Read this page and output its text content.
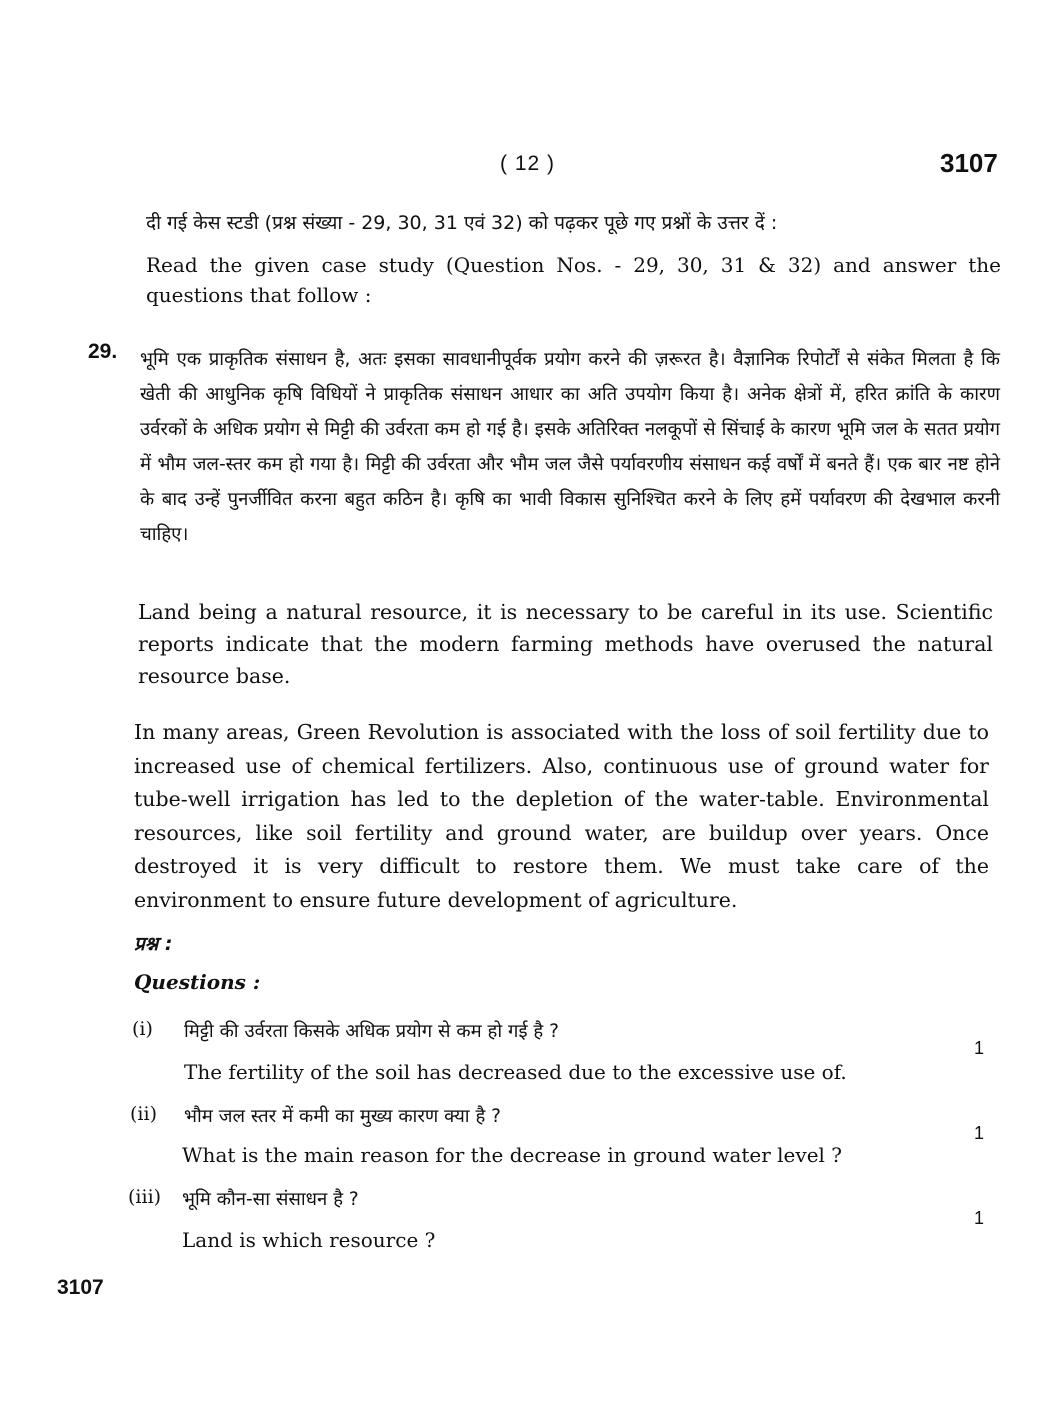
( 12 )	3107
दी गई केस स्टडी (प्रश्न संख्या - 29, 30, 31 एवं 32) को पढ़कर पूछे गए प्रश्नों के उत्तर दें :
Read the given case study (Question Nos. - 29, 30, 31 & 32) and answer the questions that follow :
29. भूमि एक प्राकृतिक संसाधन है, अतः इसका सावधानीपूर्वक प्रयोग करने की ज़रूरत है। वैज्ञानिक रिपोर्टों से संकेत मिलता है कि खेती की आधुनिक कृषि विधियों ने प्राकृतिक संसाधन आधार का अति उपयोग किया है। अनेक क्षेत्रों में, हरित क्रांति के कारण उर्वरकों के अधिक प्रयोग से मिट्टी की उर्वरता कम हो गई है। इसके अतिरिक्त नलकूपों से सिंचाई के कारण भूमि जल के सतत प्रयोग में भौम जल-स्तर कम हो गया है। मिट्टी की उर्वरता और भौम जल जैसे पर्यावरणीय संसाधन कई वर्षों में बनते हैं। एक बार नष्ट होने के बाद उन्हें पुनर्जीवित करना बहुत कठिन है। कृषि का भावी विकास सुनिश्चित करने के लिए हमें पर्यावरण की देखभाल करनी चाहिए।
Land being a natural resource, it is necessary to be careful in its use. Scientific reports indicate that the modern farming methods have overused the natural resource base.
In many areas, Green Revolution is associated with the loss of soil fertility due to increased use of chemical fertilizers. Also, continuous use of ground water for tube-well irrigation has led to the depletion of the water-table. Environmental resources, like soil fertility and ground water, are buildup over years. Once destroyed it is very difficult to restore them. We must take care of the environment to ensure future development of agriculture.
प्रश्न :
Questions :
(i) मिट्टी की उर्वरता किसके अधिक प्रयोग से कम हो गई है ?
1
The fertility of the soil has decreased due to the excessive use of.
(ii) भौम जल स्तर में कमी का मुख्य कारण क्या है ?
1
What is the main reason for the decrease in ground water level ?
(iii) भूमि कौन-सा संसाधन है ?
1
Land is which resource ?
3107
